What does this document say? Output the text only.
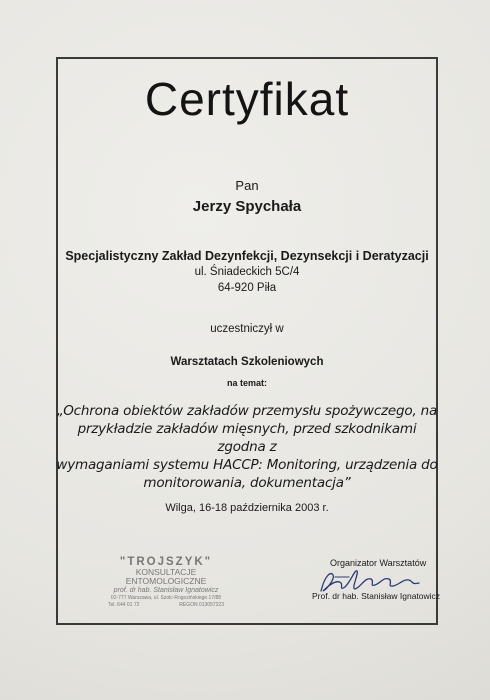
Certyfikat
Pan
Jerzy Spychała
Specjalistyczny Zakład Dezynfekcji, Dezynsekcji i Deratyzacji
ul. Śniadeckich 5C/4
64-920 Piła
uczestniczył w
Warsztatach Szkoleniowych
na temat:
„Ochrona obiektów zakładów przemysłu spożywczego, na
przykładzie zakładów mięsnych, przed szkodnikami zgodna z
wymaganiami systemu HACCP: Monitoring, urządzenia do
monitorowania, dokumentacja”
Wilga, 16-18 października 2003 r.
"TROJSZYK"
KONSULTACJE ENTOMOLOGICZNE
prof. dr hab. Stanisław Ignatowicz
02-777 Warszawa, ul. Szolc-Rogozińskiego 17/88
Tel. 644 01 72	REGON 013057323
Organizator Warsztatów
Prof. dr hab. Stanisław Ignatowicz
